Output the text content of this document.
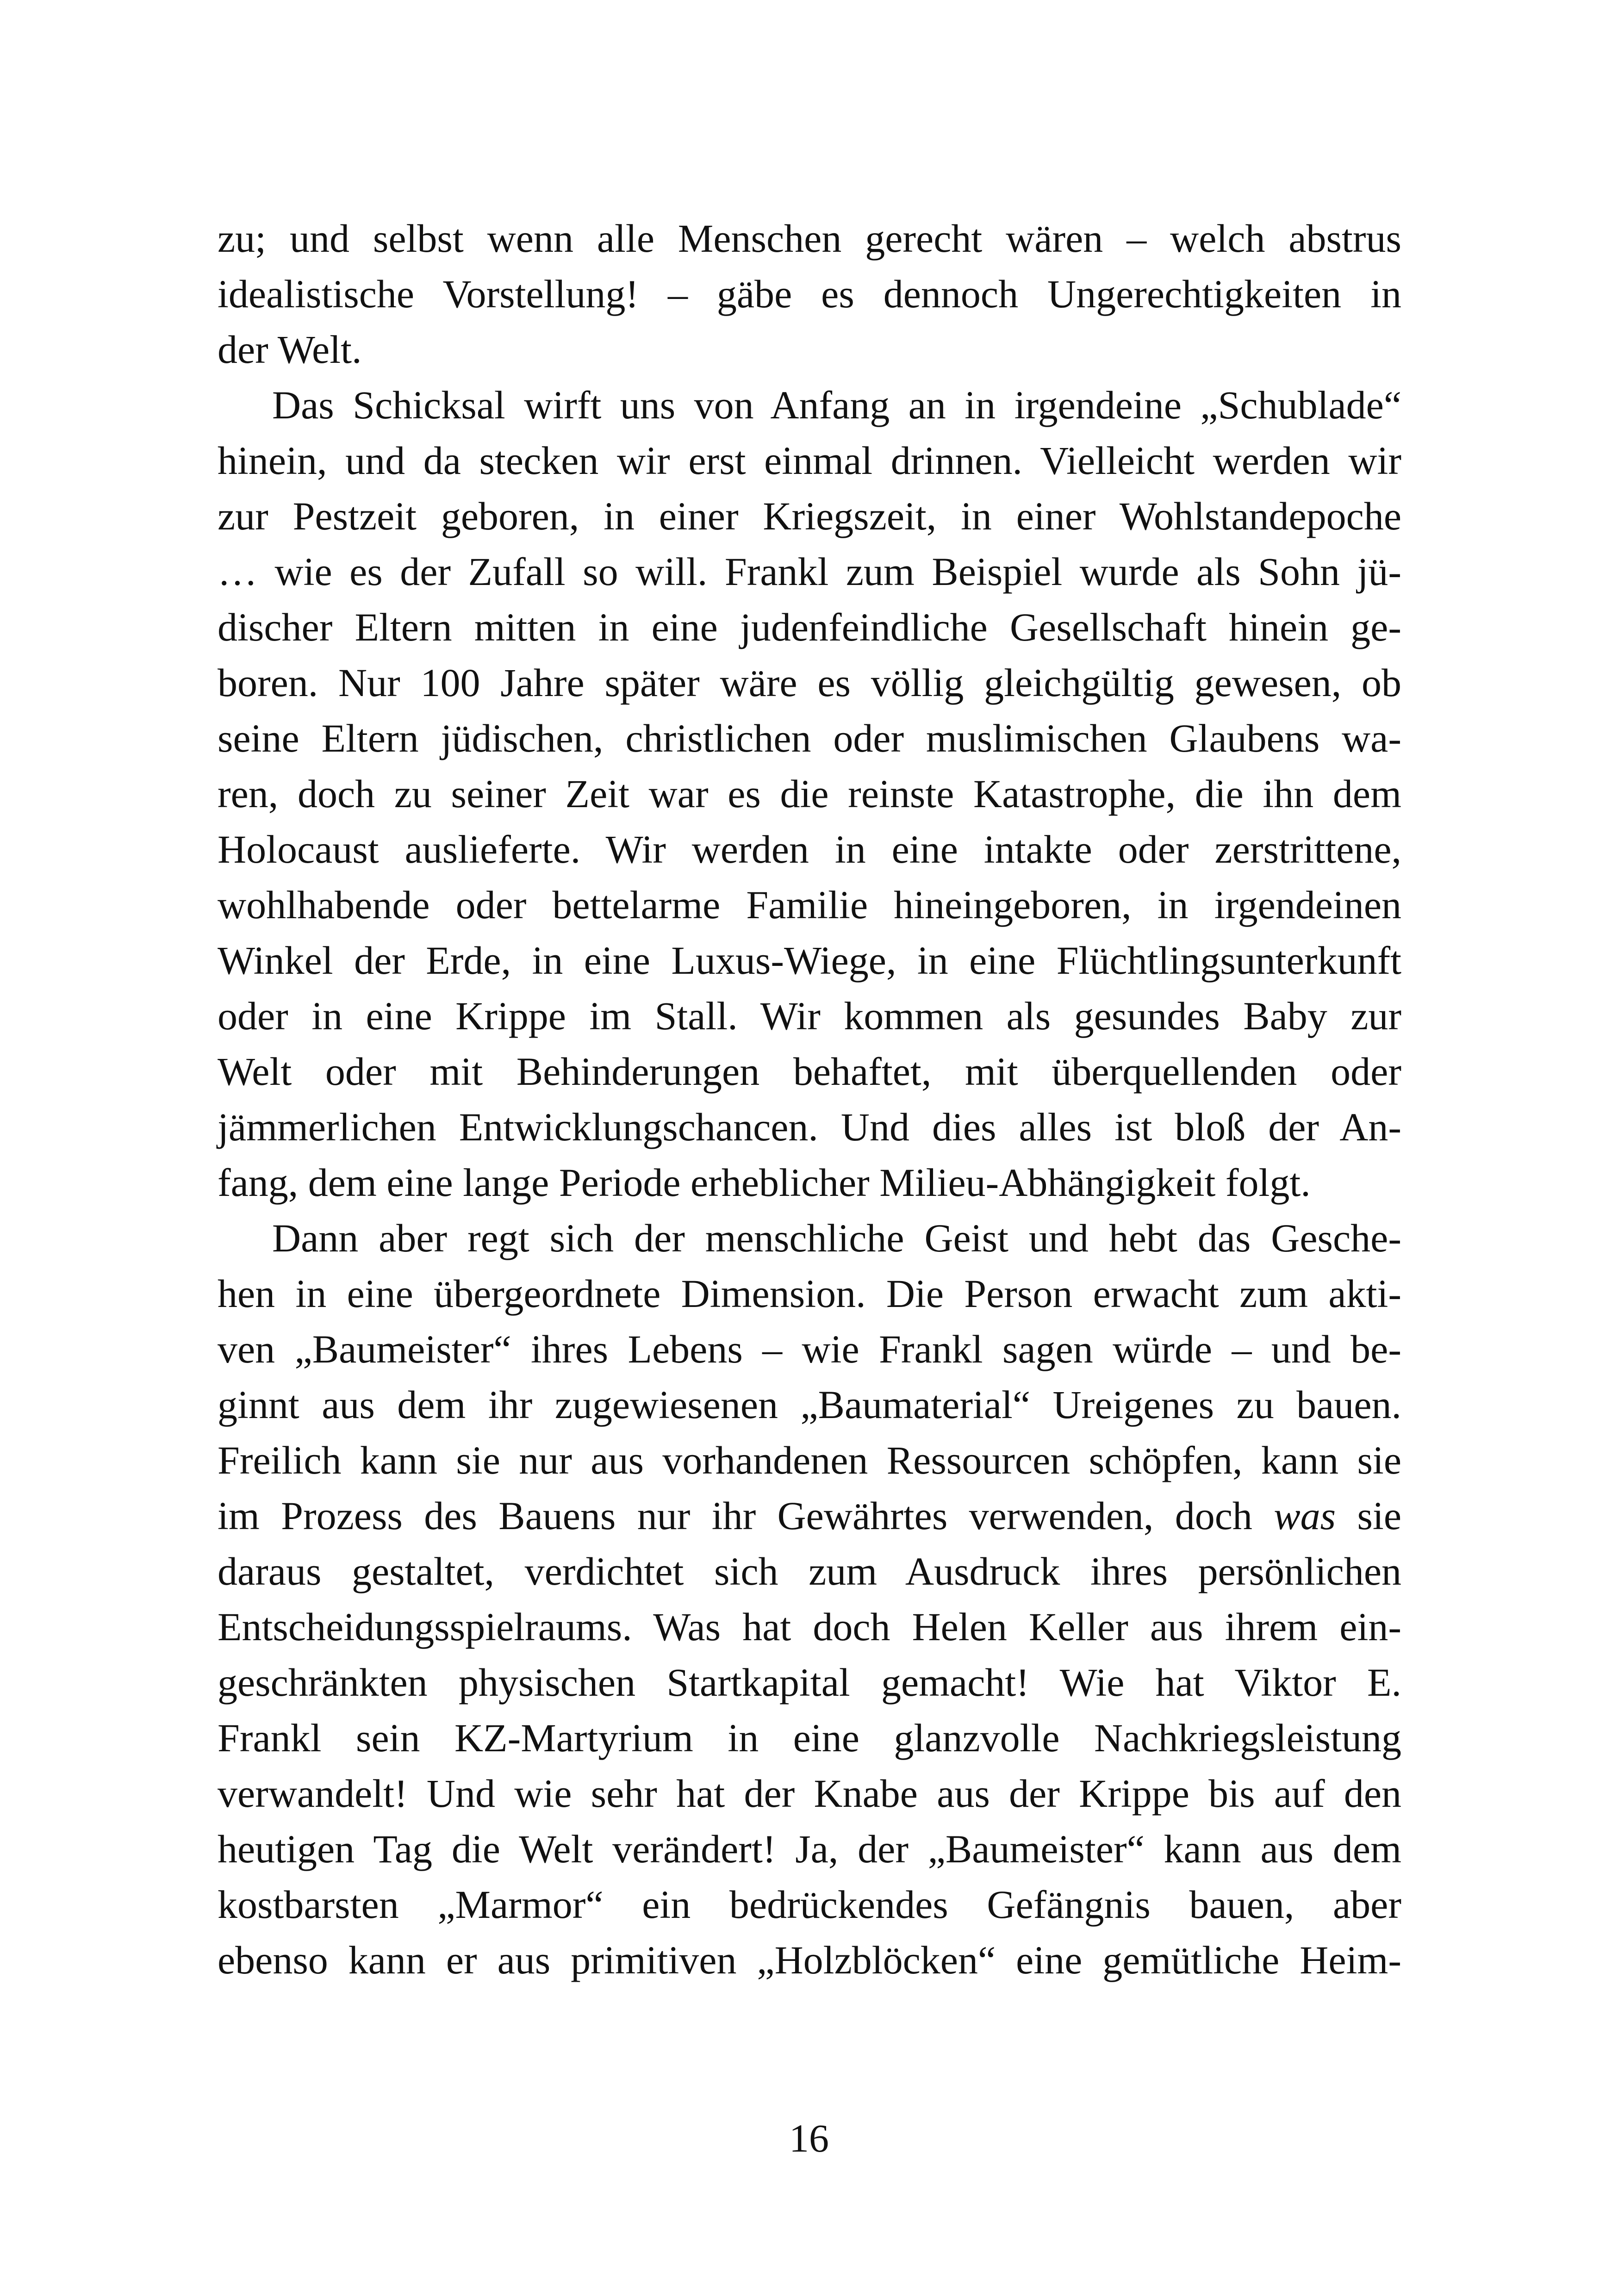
zu; und selbst wenn alle Menschen gerecht wären – welch abstrus
idealistische Vorstellung! – gäbe es dennoch Ungerechtigkeiten in
der Welt.
Das Schicksal wirft uns von Anfang an in irgendeine „Schublade“
hinein, und da stecken wir erst einmal drinnen. Vielleicht werden wir
zur Pestzeit geboren, in einer Kriegszeit, in einer Wohlstandepoche
… wie es der Zufall so will. Frankl zum Beispiel wurde als Sohn jü-
discher Eltern mitten in eine judenfeindliche Gesellschaft hinein ge-
boren. Nur 100 Jahre später wäre es völlig gleichgültig gewesen, ob
seine Eltern jüdischen, christlichen oder muslimischen Glaubens wa-
ren, doch zu seiner Zeit war es die reinste Katastrophe, die ihn dem
Holocaust auslieferte. Wir werden in eine intakte oder zerstrittene,
wohlhabende oder bettelarme Familie hineingeboren, in irgendeinen
Winkel der Erde, in eine Luxus-Wiege, in eine Flüchtlingsunterkunft
oder in eine Krippe im Stall. Wir kommen als gesundes Baby zur
Welt oder mit Behinderungen behaftet, mit überquellenden oder
jämmerlichen Entwicklungschancen. Und dies alles ist bloß der An-
fang, dem eine lange Periode erheblicher Milieu-Abhängigkeit folgt.
Dann aber regt sich der menschliche Geist und hebt das Gesche-
hen in eine übergeordnete Dimension. Die Person erwacht zum akti-
ven „Baumeister“ ihres Lebens – wie Frankl sagen würde – und be-
ginnt aus dem ihr zugewiesenen „Baumaterial“ Ureigenes zu bauen.
Freilich kann sie nur aus vorhandenen Ressourcen schöpfen, kann sie
im Prozess des Bauens nur ihr Gewährtes verwenden, doch was sie
daraus gestaltet, verdichtet sich zum Ausdruck ihres persönlichen
Entscheidungsspielraums. Was hat doch Helen Keller aus ihrem ein-
geschränkten physischen Startkapital gemacht! Wie hat Viktor E.
Frankl sein KZ-Martyrium in eine glanzvolle Nachkriegsleistung
verwandelt! Und wie sehr hat der Knabe aus der Krippe bis auf den
heutigen Tag die Welt verändert! Ja, der „Baumeister“ kann aus dem
kostbarsten „Marmor“ ein bedrückendes Gefängnis bauen, aber
ebenso kann er aus primitiven „Holzblöcken“ eine gemütliche Heim-
16
